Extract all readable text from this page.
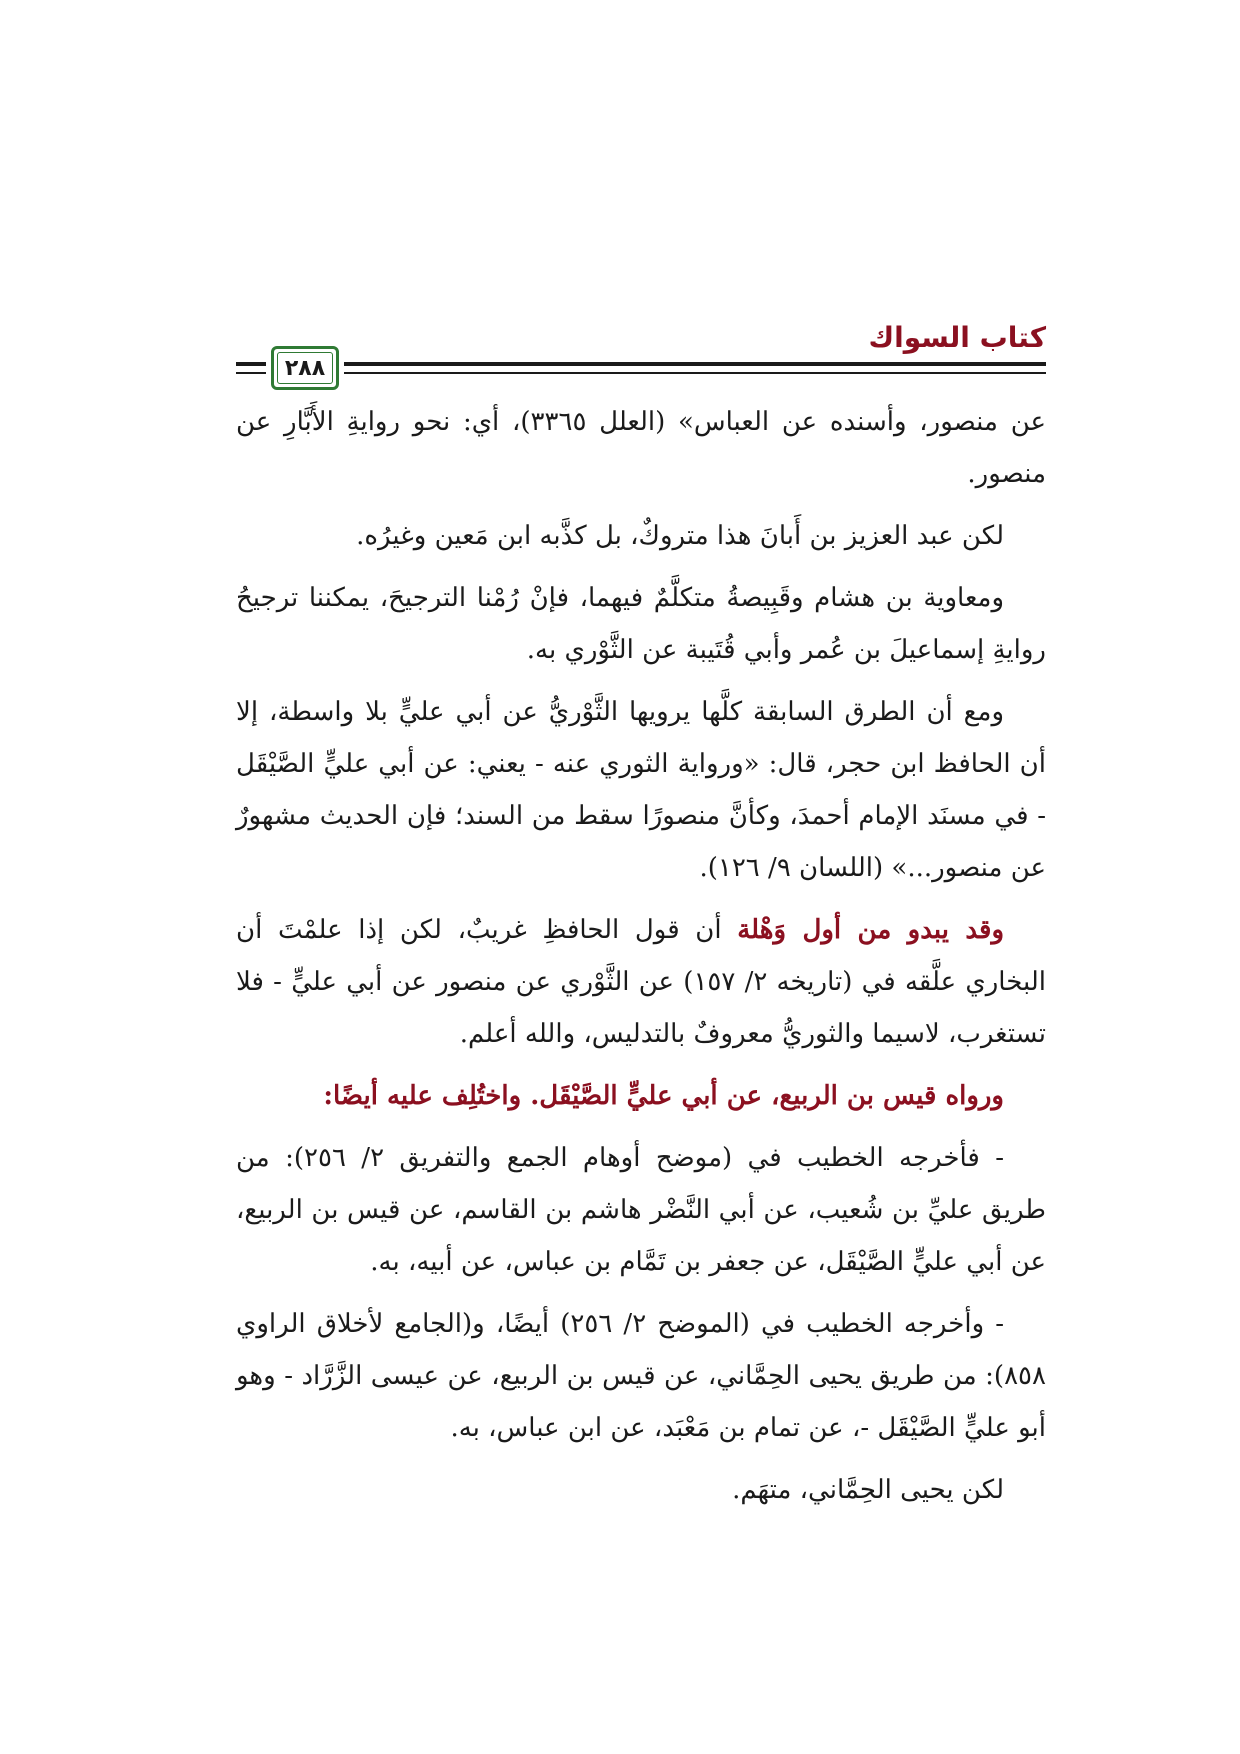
كتاب السواك
٢٨٨

عن منصور، وأسنده عن العباس» (العلل ٣٣٦٥)، أي: نحو روايةِ الأَبَّارِ عن منصور.

لكن عبد العزيز بن أَبانَ هذا متروكٌ، بل كذَّبه ابن مَعين وغيرُه.

ومعاوية بن هشام وقَبِيصةُ متكلَّمٌ فيهما، فإنْ رُمْنا الترجيحَ، يمكننا ترجيحُ روايةِ إسماعيلَ بن عُمر وأبي قُتَيبة عن الثَّوْري به.

ومع أن الطرق السابقة كلَّها يرويها الثَّوْريُّ عن أبي عليٍّ بلا واسطة، إلا أن الحافظ ابن حجر، قال: «ورواية الثوري عنه - يعني: عن أبي عليٍّ الصَّيْقَل - في مسنَد الإمام أحمدَ، وكأنَّ منصورًا سقط من السند؛ فإن الحديث مشهورٌ عن منصور...» (اللسان ٩/ ١٢٦).

وقد يبدو من أول وَهْلة أن قول الحافظِ غريبٌ، لكن إذا علمْتَ أن البخاري علَّقه في (تاريخه ٢/ ١٥٧) عن الثَّوْري عن منصور عن أبي عليٍّ - فلا تستغرب، لاسيما والثوريُّ معروفٌ بالتدليس، والله أعلم.

ورواه قيس بن الربيع، عن أبي عليٍّ الصَّيْقَل. واختُلِف عليه أيضًا:

- فأخرجه الخطيب في (موضح أوهام الجمع والتفريق ٢/ ٢٥٦): من طريق عليِّ بن شُعيب، عن أبي النَّضْر هاشم بن القاسم، عن قيس بن الربيع، عن أبي عليٍّ الصَّيْقَل، عن جعفر بن تَمَّام بن عباس، عن أبيه، به.

- وأخرجه الخطيب في (الموضح ٢/ ٢٥٦) أيضًا، و(الجامع لأخلاق الراوي ٨٥٨): من طريق يحيى الحِمَّاني، عن قيس بن الربيع، عن عيسى الزَّرَّاد - وهو أبو عليٍّ الصَّيْقَل -، عن تمام بن مَعْبَد، عن ابن عباس، به.

لكن يحيى الحِمَّاني، متهَم.
